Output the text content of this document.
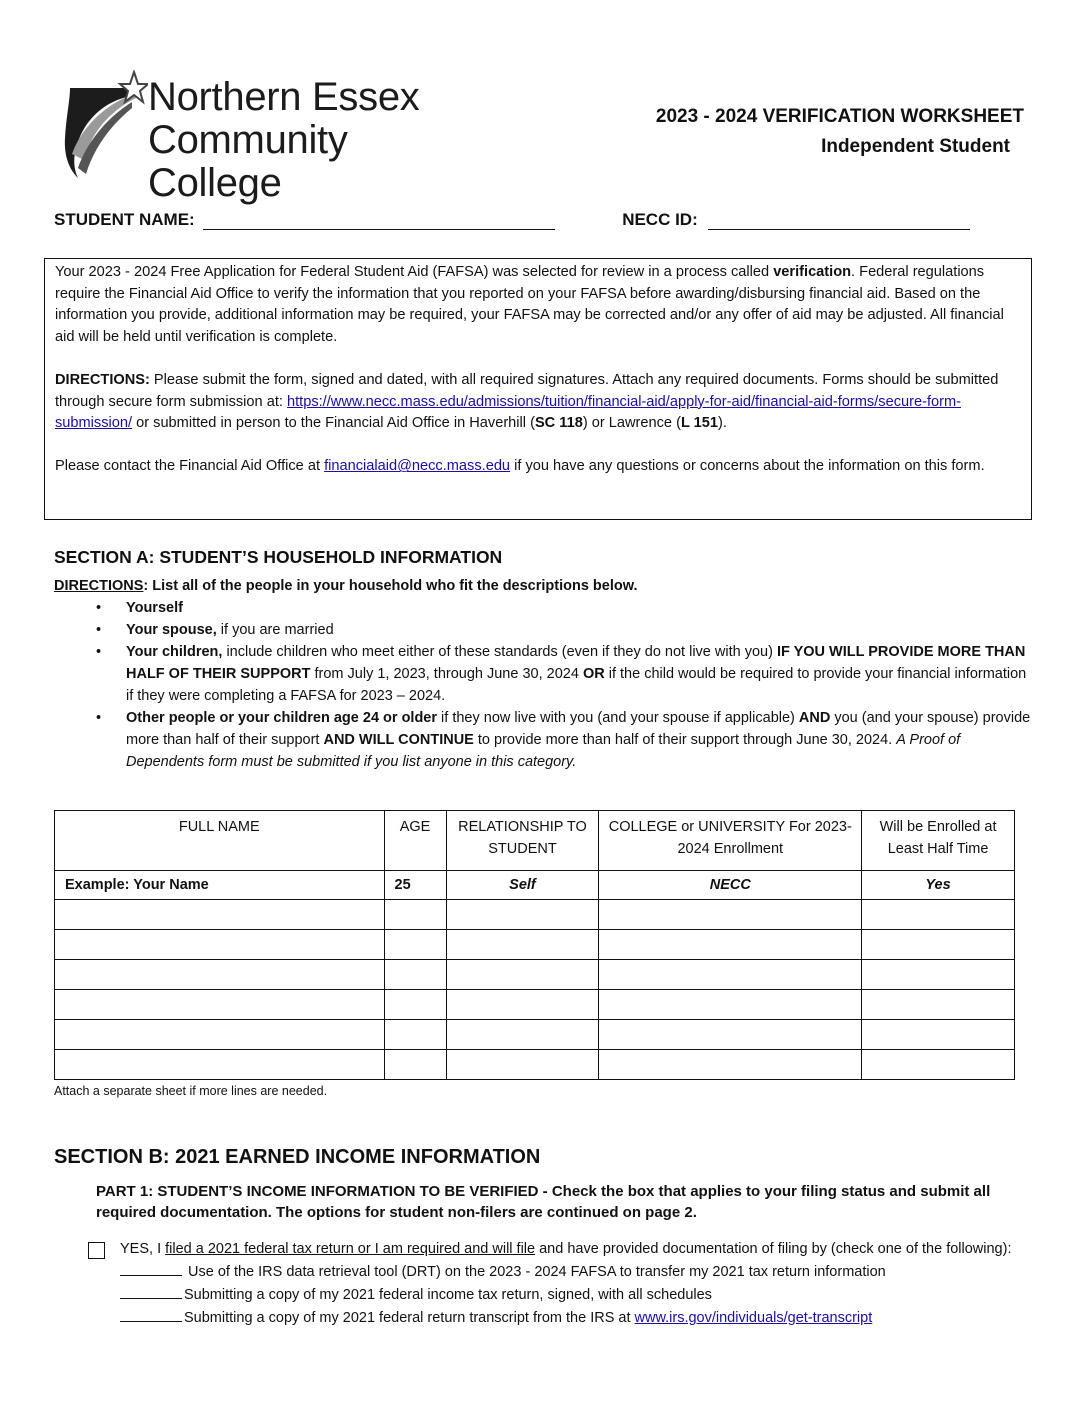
Northern Essex
Community College
2023 - 2024 VERIFICATION WORKSHEET
Independent Student
STUDENT NAME:	NECC ID:

Your 2023 - 2024 Free Application for Federal Student Aid (FAFSA) was selected for review in a process called verification. Federal regulations require the Financial Aid Office to verify the information that you reported on your FAFSA before awarding/disbursing financial aid. Based on the information you provide, additional information may be required, your FAFSA may be corrected and/or any offer of aid may be adjusted. All financial aid will be held until verification is complete.

DIRECTIONS: Please submit the form, signed and dated, with all required signatures. Attach any required documents. Forms should be submitted through secure form submission at: https://www.necc.mass.edu/admissions/tuition/financial-aid/apply-for-aid/financial-aid-forms/secure-form-submission/ or submitted in person to the Financial Aid Office in Haverhill (SC 118) or Lawrence (L 151).

Please contact the Financial Aid Office at financialaid@necc.mass.edu if you have any questions or concerns about the information on this form.

SECTION A: STUDENT’S HOUSEHOLD INFORMATION
DIRECTIONS: List all of the people in your household who fit the descriptions below.
• Yourself
• Your spouse, if you are married
• Your children, include children who meet either of these standards (even if they do not live with you) IF YOU WILL PROVIDE MORE THAN HALF OF THEIR SUPPORT from July 1, 2023, through June 30, 2024 OR if the child would be required to provide your financial information if they were completing a FAFSA for 2023 – 2024.
• Other people or your children age 24 or older if they now live with you (and your spouse if applicable) AND you (and your spouse) provide more than half of their support AND WILL CONTINUE to provide more than half of their support through June 30, 2024. A Proof of Dependents form must be submitted if you list anyone in this category.
FULL NAME	AGE	RELATIONSHIP TO STUDENT	COLLEGE or UNIVERSITY For 2023-2024 Enrollment	Will be Enrolled at Least Half Time
Example: Your Name	25	Self	NECC	Yes

Attach a separate sheet if more lines are needed.
SECTION B: 2021 EARNED INCOME INFORMATION
PART 1: STUDENT’S INCOME INFORMATION TO BE VERIFIED - Check the box that applies to your filing status and submit all required documentation. The options for student non-filers are continued on page 2.
YES, I filed a 2021 federal tax return or I am required and will file and have provided documentation of filing by (check one of the following):
Use of the IRS data retrieval tool (DRT) on the 2023 - 2024 FAFSA to transfer my 2021 tax return information
Submitting a copy of my 2021 federal income tax return, signed, with all schedules
Submitting a copy of my 2021 federal return transcript from the IRS at www.irs.gov/individuals/get-transcript
